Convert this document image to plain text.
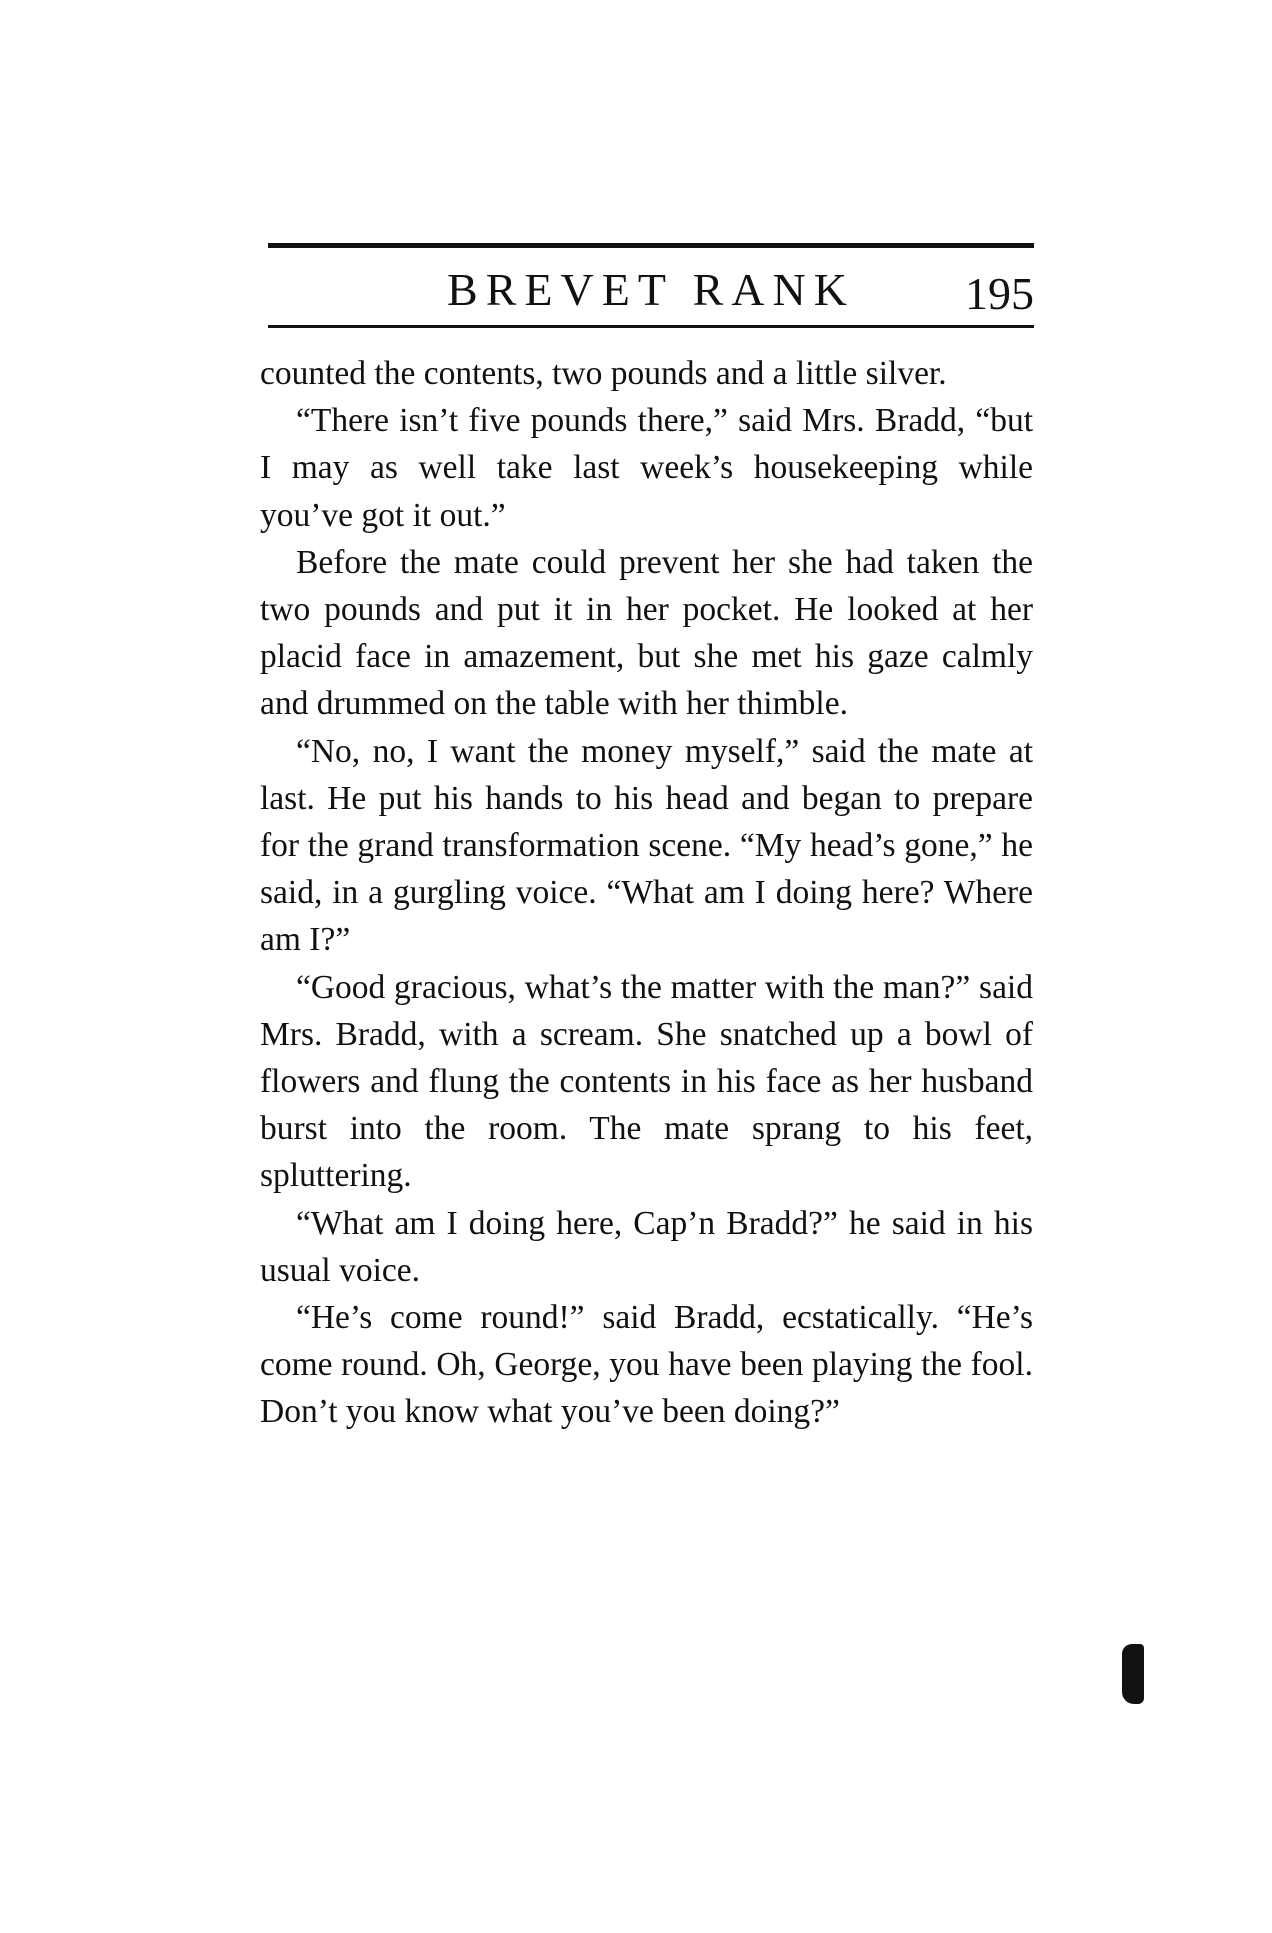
BREVET RANK	195

counted the contents, two pounds and a little silver.

“There isn’t five pounds there,” said Mrs. Bradd, “but I may as well take last week’s housekeeping while you’ve got it out.”

Before the mate could prevent her she had taken the two pounds and put it in her pocket. He looked at her placid face in amazement, but she met his gaze calmly and drummed on the table with her thimble.

“No, no, I want the money myself,” said the mate at last. He put his hands to his head and began to prepare for the grand transformation scene. “My head’s gone,” he said, in a gurgling voice. “What am I doing here? Where am I?”

“Good gracious, what’s the matter with the man?” said Mrs. Bradd, with a scream. She snatched up a bowl of flowers and flung the contents in his face as her husband burst into the room. The mate sprang to his feet, spluttering.

“What am I doing here, Cap’n Bradd?” he said in his usual voice.

“He’s come round!” said Bradd, ecstatically. “He’s come round. Oh, George, you have been playing the fool. Don’t you know what you’ve been doing?”
